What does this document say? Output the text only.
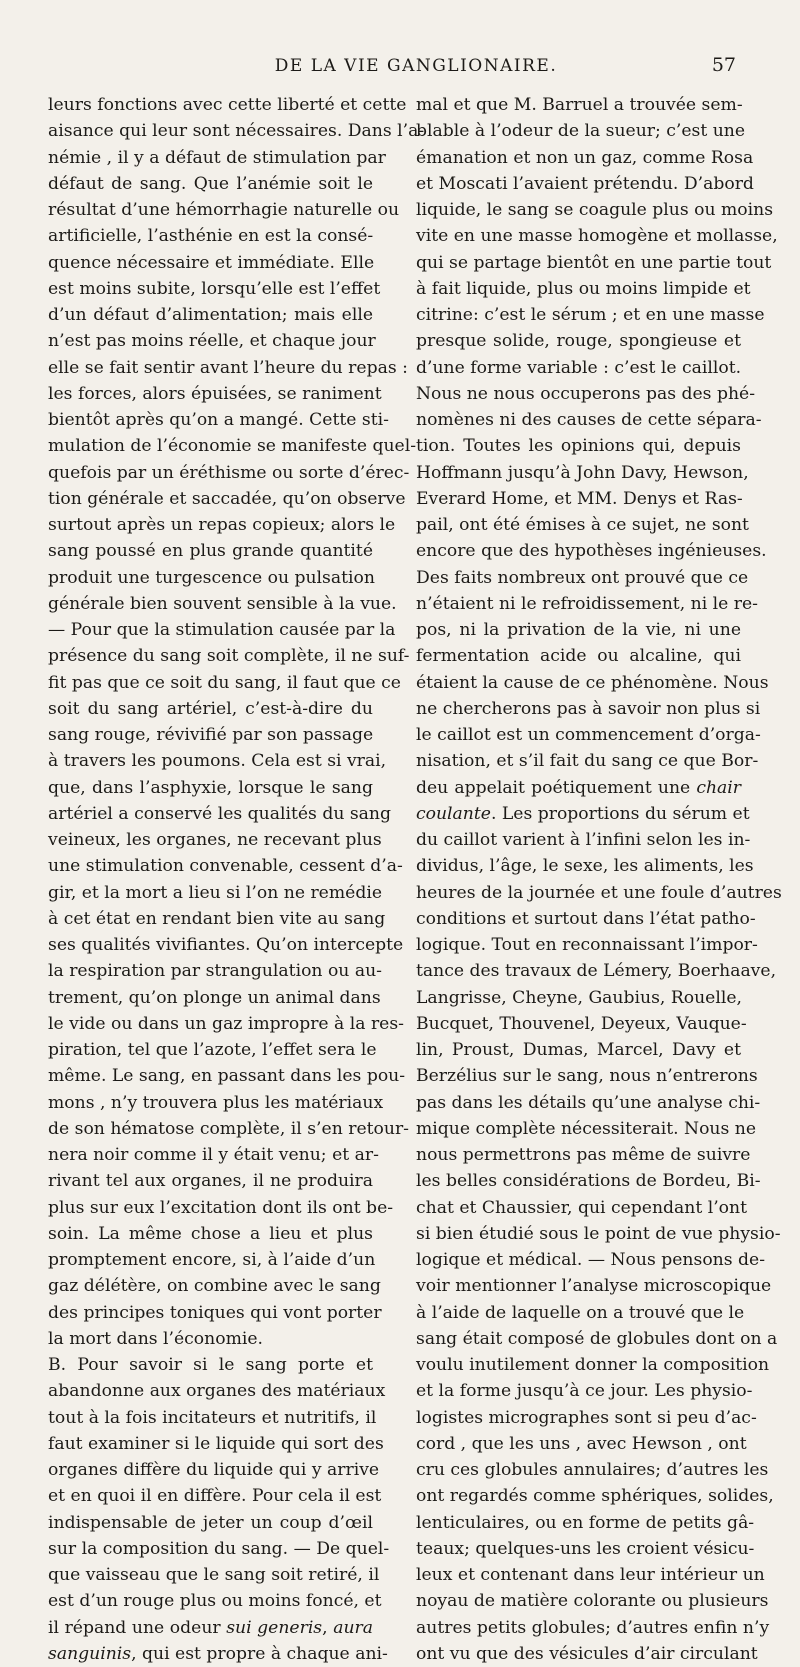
DE LA VIE GANGLIONAIRE.	57
leurs fonctions avec cette liberté et cette
aisance qui leur sont nécessaires. Dans l’a-
némie , il y a défaut de stimulation par
défaut de sang. Que l’anémie soit le
résultat d’une hémorrhagie naturelle ou
artificielle, l’asthénie en est la consé-
quence nécessaire et immédiate. Elle
est moins subite, lorsqu’elle est l’effet
d’un défaut d’alimentation; mais elle
n’est pas moins réelle, et chaque jour
elle se fait sentir avant l’heure du repas :
les forces, alors épuisées, se raniment
bientôt après qu’on a mangé. Cette sti-
mulation de l’économie se manifeste quel-
quefois par un éréthisme ou sorte d’érec-
tion générale et saccadée, qu’on observe
surtout après un repas copieux; alors le
sang poussé en plus grande quantité
produit une turgescence ou pulsation
générale bien souvent sensible à la vue.
— Pour que la stimulation causée par la
présence du sang soit complète, il ne suf-
fit pas que ce soit du sang, il faut que ce
soit du sang artériel, c’est-à-dire du
sang rouge, révivifié par son passage
à travers les poumons. Cela est si vrai,
que, dans l’asphyxie, lorsque le sang
artériel a conservé les qualités du sang
veineux, les organes, ne recevant plus
une stimulation convenable, cessent d’a-
gir, et la mort a lieu si l’on ne remédie
à cet état en rendant bien vite au sang
ses qualités vivifiantes. Qu’on intercepte
la respiration par strangulation ou au-
trement, qu’on plonge un animal dans
le vide ou dans un gaz impropre à la res-
piration, tel que l’azote, l’effet sera le
même. Le sang, en passant dans les pou-
mons , n’y trouvera plus les matériaux
de son hématose complète, il s’en retour-
nera noir comme il y était venu; et ar-
rivant tel aux organes, il ne produira
plus sur eux l’excitation dont ils ont be-
soin. La même chose a lieu et plus
promptement encore, si, à l’aide d’un
gaz délétère, on combine avec le sang
des principes toniques qui vont porter
la mort dans l’économie.
B. Pour savoir si le sang porte et
abandonne aux organes des matériaux
tout à la fois incitateurs et nutritifs, il
faut examiner si le liquide qui sort des
organes diffère du liquide qui y arrive
et en quoi il en diffère. Pour cela il est
indispensable de jeter un coup d’œil
sur la composition du sang. — De quel-
que vaisseau que le sang soit retiré, il
est d’un rouge plus ou moins foncé, et
il répand une odeur sui generis, aura
sanguinis, qui est propre à chaque ani-
mal et que M. Barruel a trouvée sem-
blable à l’odeur de la sueur; c’est une
émanation et non un gaz, comme Rosa
et Moscati l’avaient prétendu. D’abord
liquide, le sang se coagule plus ou moins
vite en une masse homogène et mollasse,
qui se partage bientôt en une partie tout
à fait liquide, plus ou moins limpide et
citrine: c’est le sérum ; et en une masse
presque solide, rouge, spongieuse et
d’une forme variable : c’est le caillot.
Nous ne nous occuperons pas des phé-
nomènes ni des causes de cette sépara-
tion. Toutes les opinions qui, depuis
Hoffmann jusqu’à John Davy, Hewson,
Everard Home, et MM. Denys et Ras-
pail, ont été émises à ce sujet, ne sont
encore que des hypothèses ingénieuses.
Des faits nombreux ont prouvé que ce
n’étaient ni le refroidissement, ni le re-
pos, ni la privation de la vie, ni une
fermentation acide ou alcaline, qui
étaient la cause de ce phénomène. Nous
ne chercherons pas à savoir non plus si
le caillot est un commencement d’orga-
nisation, et s’il fait du sang ce que Bor-
deu appelait poétiquement une chair
coulante. Les proportions du sérum et
du caillot varient à l’infini selon les in-
dividus, l’âge, le sexe, les aliments, les
heures de la journée et une foule d’autres
conditions et surtout dans l’état patho-
logique. Tout en reconnaissant l’impor-
tance des travaux de Lémery, Boerhaave,
Langrisse, Cheyne, Gaubius, Rouelle,
Bucquet, Thouvenel, Deyeux, Vauque-
lin, Proust, Dumas, Marcel, Davy et
Berzélius sur le sang, nous n’entrerons
pas dans les détails qu’une analyse chi-
mique complète nécessiterait. Nous ne
nous permettrons pas même de suivre
les belles considérations de Bordeu, Bi-
chat et Chaussier, qui cependant l’ont
si bien étudié sous le point de vue physio-
logique et médical. — Nous pensons de-
voir mentionner l’analyse microscopique
à l’aide de laquelle on a trouvé que le
sang était composé de globules dont on a
voulu inutilement donner la composition
et la forme jusqu’à ce jour. Les physio-
logistes micrographes sont si peu d’ac-
cord , que les uns , avec Hewson , ont
cru ces globules annulaires; d’autres les
ont regardés comme sphériques, solides,
lenticulaires, ou en forme de petits gâ-
teaux; quelques-uns les croient vésicu-
leux et contenant dans leur intérieur un
noyau de matière colorante ou plusieurs
autres petits globules; d’autres enfin n’y
ont vu que des vésicules d’air circulant
